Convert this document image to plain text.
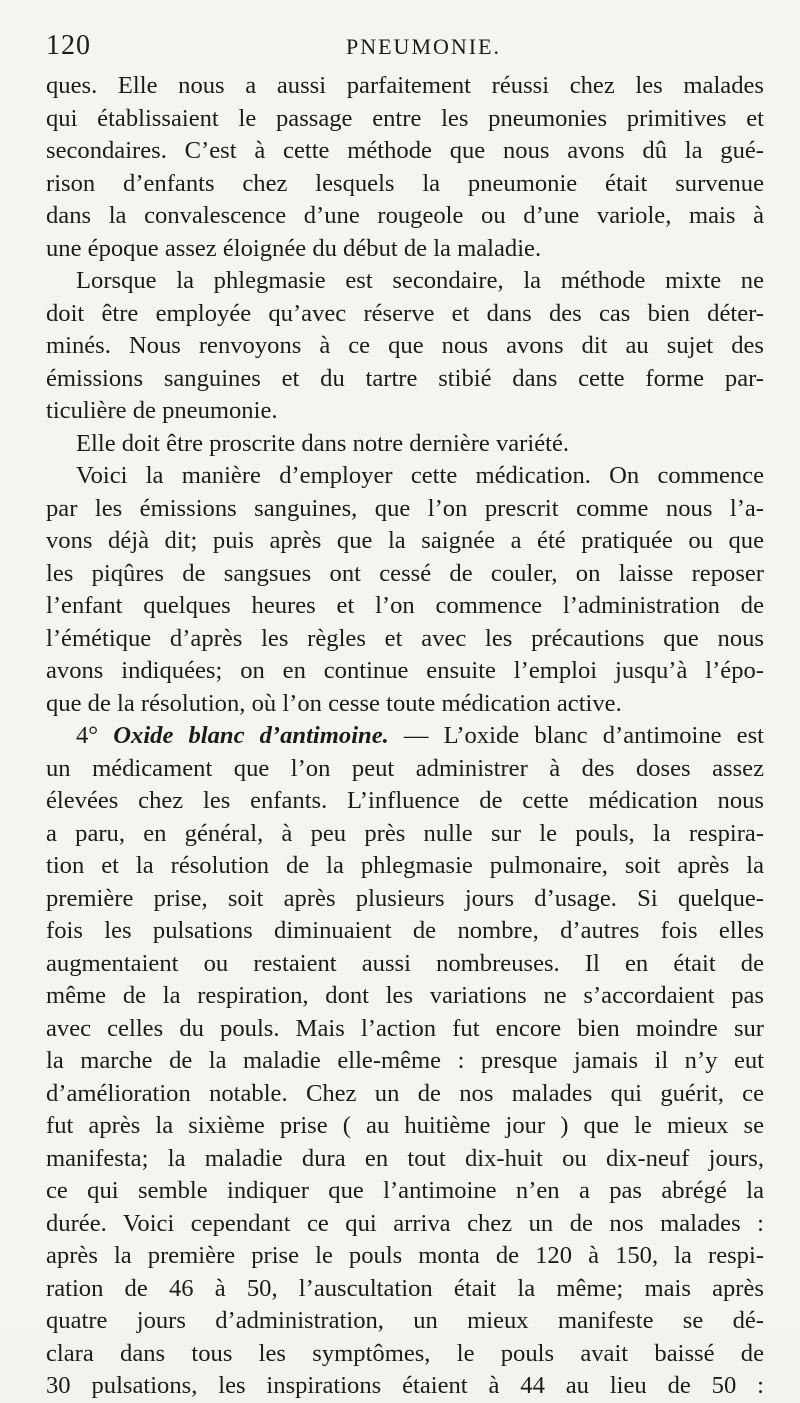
120	PNEUMONIE.
ques. Elle nous a aussi parfaitement réussi chez les malades
qui établissaient le passage entre les pneumonies primitives et
secondaires. C’est à cette méthode que nous avons dû la gué-
rison d’enfants chez lesquels la pneumonie était survenue
dans la convalescence d’une rougeole ou d’une variole, mais à
une époque assez éloignée du début de la maladie.
Lorsque la phlegmasie est secondaire, la méthode mixte ne
doit être employée qu’avec réserve et dans des cas bien déter-
minés. Nous renvoyons à ce que nous avons dit au sujet des
émissions sanguines et du tartre stibié dans cette forme par-
ticulière de pneumonie.
Elle doit être proscrite dans notre dernière variété.
Voici la manière d’employer cette médication. On commence
par les émissions sanguines, que l’on prescrit comme nous l’a-
vons déjà dit; puis après que la saignée a été pratiquée ou que
les piqûres de sangsues ont cessé de couler, on laisse reposer
l’enfant quelques heures et l’on commence l’administration de
l’émétique d’après les règles et avec les précautions que nous
avons indiquées; on en continue ensuite l’emploi jusqu’à l’épo-
que de la résolution, où l’on cesse toute médication active.
4° Oxide blanc d’antimoine. — L’oxide blanc d’antimoine est
un médicament que l’on peut administrer à des doses assez
élevées chez les enfants. L’influence de cette médication nous
a paru, en général, à peu près nulle sur le pouls, la respira-
tion et la résolution de la phlegmasie pulmonaire, soit après la
première prise, soit après plusieurs jours d’usage. Si quelque-
fois les pulsations diminuaient de nombre, d’autres fois elles
augmentaient ou restaient aussi nombreuses. Il en était de
même de la respiration, dont les variations ne s’accordaient pas
avec celles du pouls. Mais l’action fut encore bien moindre sur
la marche de la maladie elle-même : presque jamais il n’y eut
d’amélioration notable. Chez un de nos malades qui guérit, ce
fut après la sixième prise ( au huitième jour ) que le mieux se
manifesta; la maladie dura en tout dix-huit ou dix-neuf jours,
ce qui semble indiquer que l’antimoine n’en a pas abrégé la
durée. Voici cependant ce qui arriva chez un de nos malades :
après la première prise le pouls monta de 120 à 150, la respi-
ration de 46 à 50, l’auscultation était la même; mais après
quatre jours d’administration, un mieux manifeste se dé-
clara dans tous les symptômes, le pouls avait baissé de
30 pulsations, les inspirations étaient à 44 au lieu de 50 :
